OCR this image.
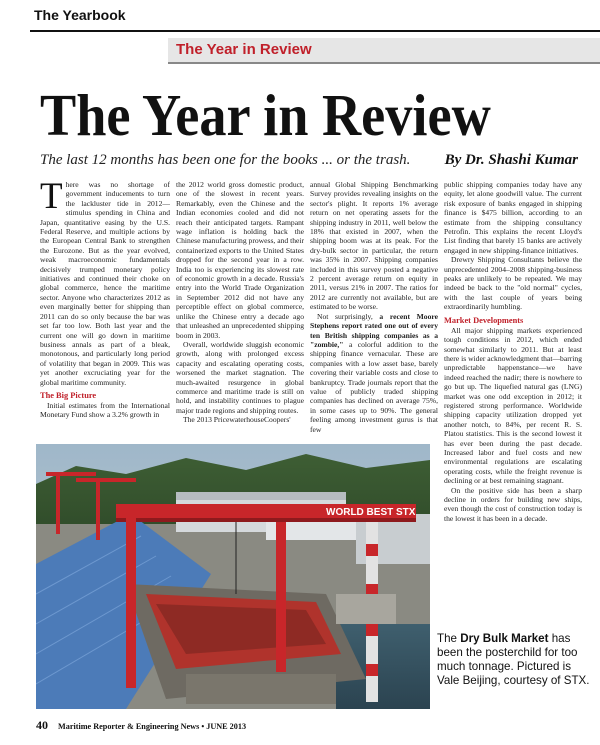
The Yearbook
The Year in Review
The Year in Review
The last 12 months has been one for the books ... or the trash. By Dr. Shashi Kumar

There was no shortage of government inducements to turn the lackluster tide in 2012—stimulus spending in China and Japan, quantitative easing by the U.S. Federal Reserve, and multiple actions by the European Central Bank to strengthen the Eurozone. But as the year evolved, weak macroeconomic fundamentals decisively trumped monetary policy initiatives and continued their choke on global commerce, hence the maritime sector. Anyone who characterizes 2012 as even marginally better for shipping than 2011 can do so only because the bar was set far too low. Both last year and the current one will go down in maritime business annals as part of a bleak, monotonous, and particularly long period of volatility that began in 2009. This was yet another excruciating year for the global maritime community.

The Big Picture

Initial estimates from the International Monetary Fund show a 3.2% growth in

the 2012 world gross domestic product, one of the slowest in recent years. Remarkably, even the Chinese and the Indian economies cooled and did not reach their anticipated targets. Rampant wage inflation is holding back the Chinese manufacturing prowess, and their containerized exports to the United States dropped for the second year in a row. India too is experiencing its slowest rate of economic growth in a decade. Russia's entry into the World Trade Organization in September 2012 did not have any perceptible effect on global commerce, unlike the Chinese entry a decade ago that unleashed an unprecedented shipping boom in 2003.

Overall, worldwide sluggish economic growth, along with prolonged excess capacity and escalating operating costs, worsened the market stagnation. The much-awaited resurgence in global commerce and maritime trade is still on hold, and instability continues to plague major trade regions and shipping routes.

The 2013 PricewaterhouseCoopers'

annual Global Shipping Benchmarking Survey provides revealing insights on the sector's plight. It reports 1% average return on net operating assets for the shipping industry in 2011, well below the 18% that existed in 2007, when the shipping boom was at its peak. For the dry-bulk sector in particular, the return was 35% in 2007. Shipping companies included in this survey posted a negative 2 percent average return on equity in 2011, versus 21% in 2007. The ratios for 2012 are currently not available, but are estimated to be worse.

Not surprisingly, a recent Moore Stephens report rated one out of every ten British shipping companies as a "zombie," a colorful addition to the shipping finance vernacular. These are companies with a low asset base, barely covering their variable costs and close to bankruptcy. Trade journals report that the value of publicly traded shipping companies has declined on average 75%, in some cases up to 90%. The general feeling among investment gurus is that few

public shipping companies today have any equity, let alone goodwill value. The current risk exposure of banks engaged in shipping finance is $475 billion, according to an estimate from the shipping consultancy Petrofin. This explains the recent Lloyd's List finding that barely 15 banks are actively engaged in new shipping-finance initiatives.

Drewry Shipping Consultants believe the unprecedented 2004–2008 shipping-business peaks are unlikely to be repeated. We may indeed be back to the "old normal" cycles, with the last couple of years being extraordinarily humbling.

Market Developments

All major shipping markets experienced tough conditions in 2012, which ended somewhat similarly to 2011. But at least there is wider acknowledgment that—barring unpredictable happenstance—we have indeed reached the nadir; there is nowhere to go but up. The liquefied natural gas (LNG) market was one odd exception in 2012; it registered strong performance. Worldwide shipping capacity utilization dropped yet another notch, to 84%, per recent R. S. Platou statistics. This is the second lowest it has ever been during the past decade. Increased labor and fuel costs and new environmental regulations are escalating operating costs, while the freight revenue is declining or at best remaining stagnant.

On the positive side has been a sharp decline in orders for building new ships, even though the cost of construction today is the lowest it has been in a decade.

WORLD BEST STX
The Dry Bulk Market has been the posterchild for too much tonnage. Pictured is Vale Beijing, courtesy of STX.
40 Maritime Reporter & Engineering News • JUNE 2013
